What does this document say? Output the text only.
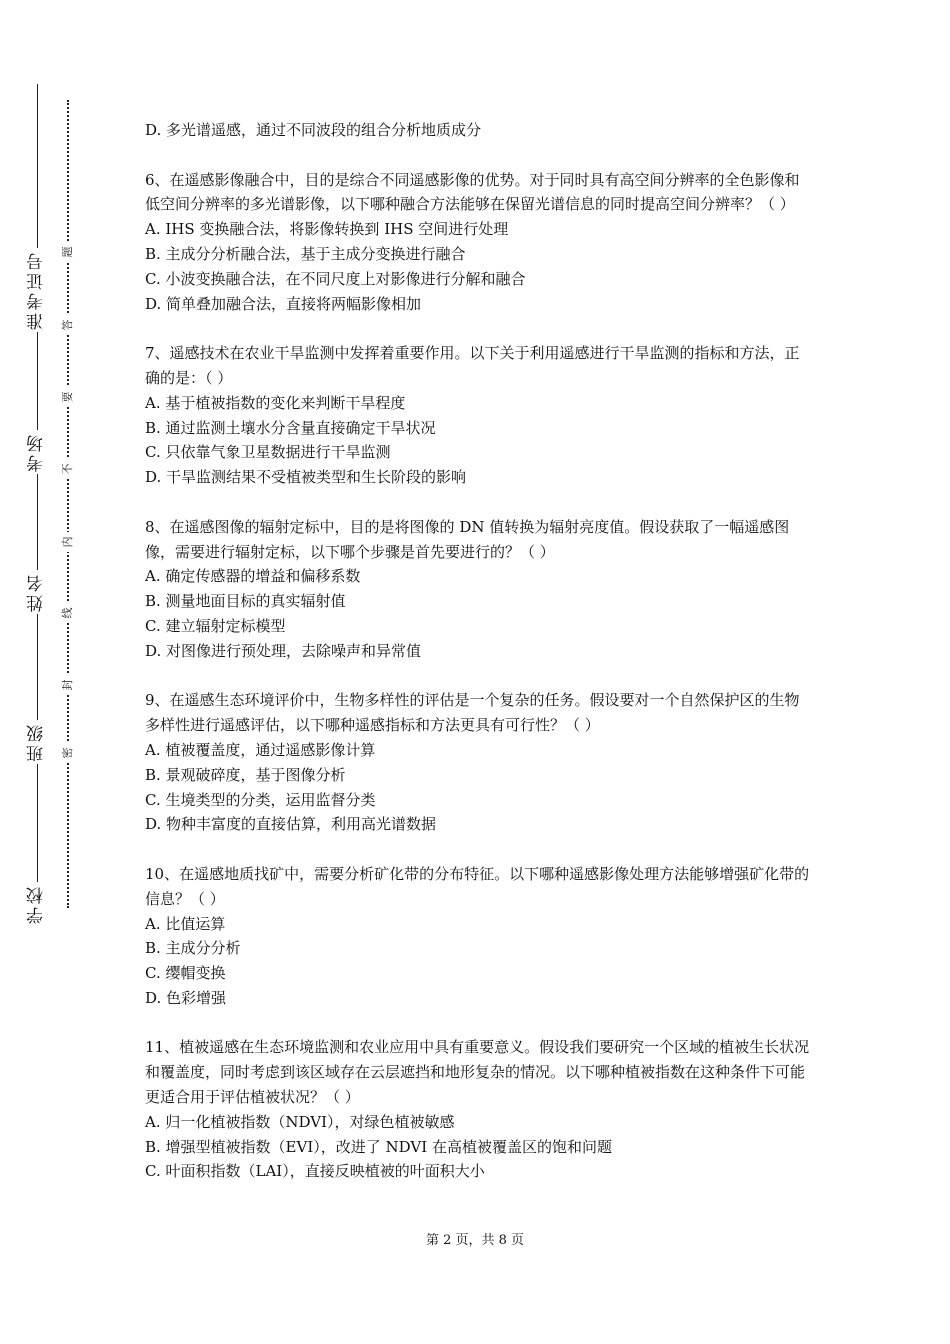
准考证号
考场
姓名
班级
学校
题
答
要
不
内
线
封
密

D. 多光谱遥感，通过不同波段的组合分析地质成分

6、在遥感影像融合中，目的是综合不同遥感影像的优势。对于同时具有高空间分辨率的全色影像和低空间分辨率的多光谱影像，以下哪种融合方法能够在保留光谱信息的同时提高空间分辨率？（ ）

A. IHS 变换融合法，将影像转换到 IHS 空间进行处理

B. 主成分分析融合法，基于主成分变换进行融合

C. 小波变换融合法，在不同尺度上对影像进行分解和融合

D. 简单叠加融合法，直接将两幅影像相加

7、遥感技术在农业干旱监测中发挥着重要作用。以下关于利用遥感进行干旱监测的指标和方法，正确的是：（ ）

A. 基于植被指数的变化来判断干旱程度

B. 通过监测土壤水分含量直接确定干旱状况

C. 只依靠气象卫星数据进行干旱监测

D. 干旱监测结果不受植被类型和生长阶段的影响

8、在遥感图像的辐射定标中，目的是将图像的 DN 值转换为辐射亮度值。假设获取了一幅遥感图像，需要进行辐射定标，以下哪个步骤是首先要进行的？（ ）

A. 确定传感器的增益和偏移系数

B. 测量地面目标的真实辐射值

C. 建立辐射定标模型

D. 对图像进行预处理，去除噪声和异常值

9、在遥感生态环境评价中，生物多样性的评估是一个复杂的任务。假设要对一个自然保护区的生物多样性进行遥感评估，以下哪种遥感指标和方法更具有可行性？（ ）

A. 植被覆盖度，通过遥感影像计算

B. 景观破碎度，基于图像分析

C. 生境类型的分类，运用监督分类

D. 物种丰富度的直接估算，利用高光谱数据

10、在遥感地质找矿中，需要分析矿化带的分布特征。以下哪种遥感影像处理方法能够增强矿化带的信息？（ ）

A. 比值运算

B. 主成分分析

C. 缨帽变换

D. 色彩增强

11、植被遥感在生态环境监测和农业应用中具有重要意义。假设我们要研究一个区域的植被生长状况和覆盖度，同时考虑到该区域存在云层遮挡和地形复杂的情况。以下哪种植被指数在这种条件下可能更适合用于评估植被状况？（ ）

A. 归一化植被指数（NDVI），对绿色植被敏感

B. 增强型植被指数（EVI），改进了 NDVI 在高植被覆盖区的饱和问题

C. 叶面积指数（LAI），直接反映植被的叶面积大小

第 2 页，共 8 页
